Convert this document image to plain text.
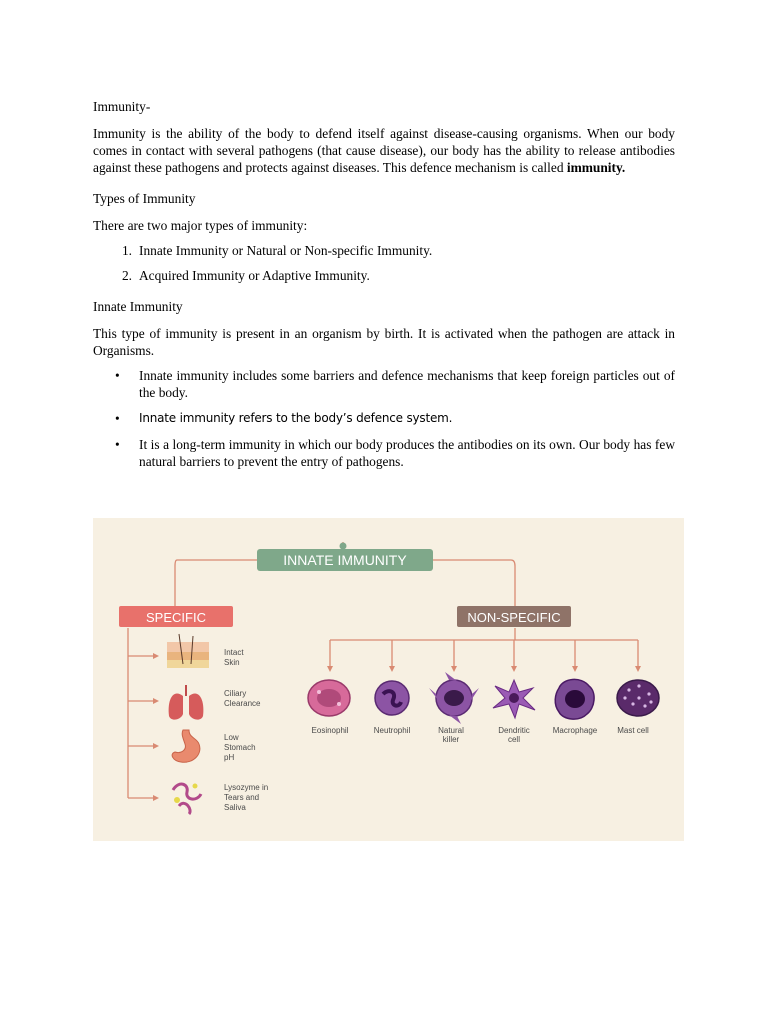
Immunity-

Immunity is the ability of the body to defend itself against disease-causing organisms. When our body comes in contact with several pathogens (that cause disease), our body has the ability to release antibodies against these pathogens and protects against diseases. This defence mechanism is called immunity.

Types of Immunity

There are two major types of immunity:

1. Innate Immunity or Natural or Non-specific Immunity.
2. Acquired Immunity or Adaptive Immunity.

Innate Immunity

This type of immunity is present in an organism by birth. It is activated when the pathogen are attack in Organisms.

•	Innate immunity includes some barriers and defence mechanisms that keep foreign particles out of the body.
•	Innate immunity refers to the body’s defence system.
•	It is a long-term immunity in which our body produces the antibodies on its own. Our body has few natural barriers to prevent the entry of pathogens.
INNATE IMMUNITY
SPECIFIC	NON-SPECIFIC
Intact Skin
Ciliary Clearance
Low Stomach pH
Lysozyme in Tears and Saliva
Eosinophil	Neutrophil	Natural killer
Dendritic cell
Macrophage Mast cell
